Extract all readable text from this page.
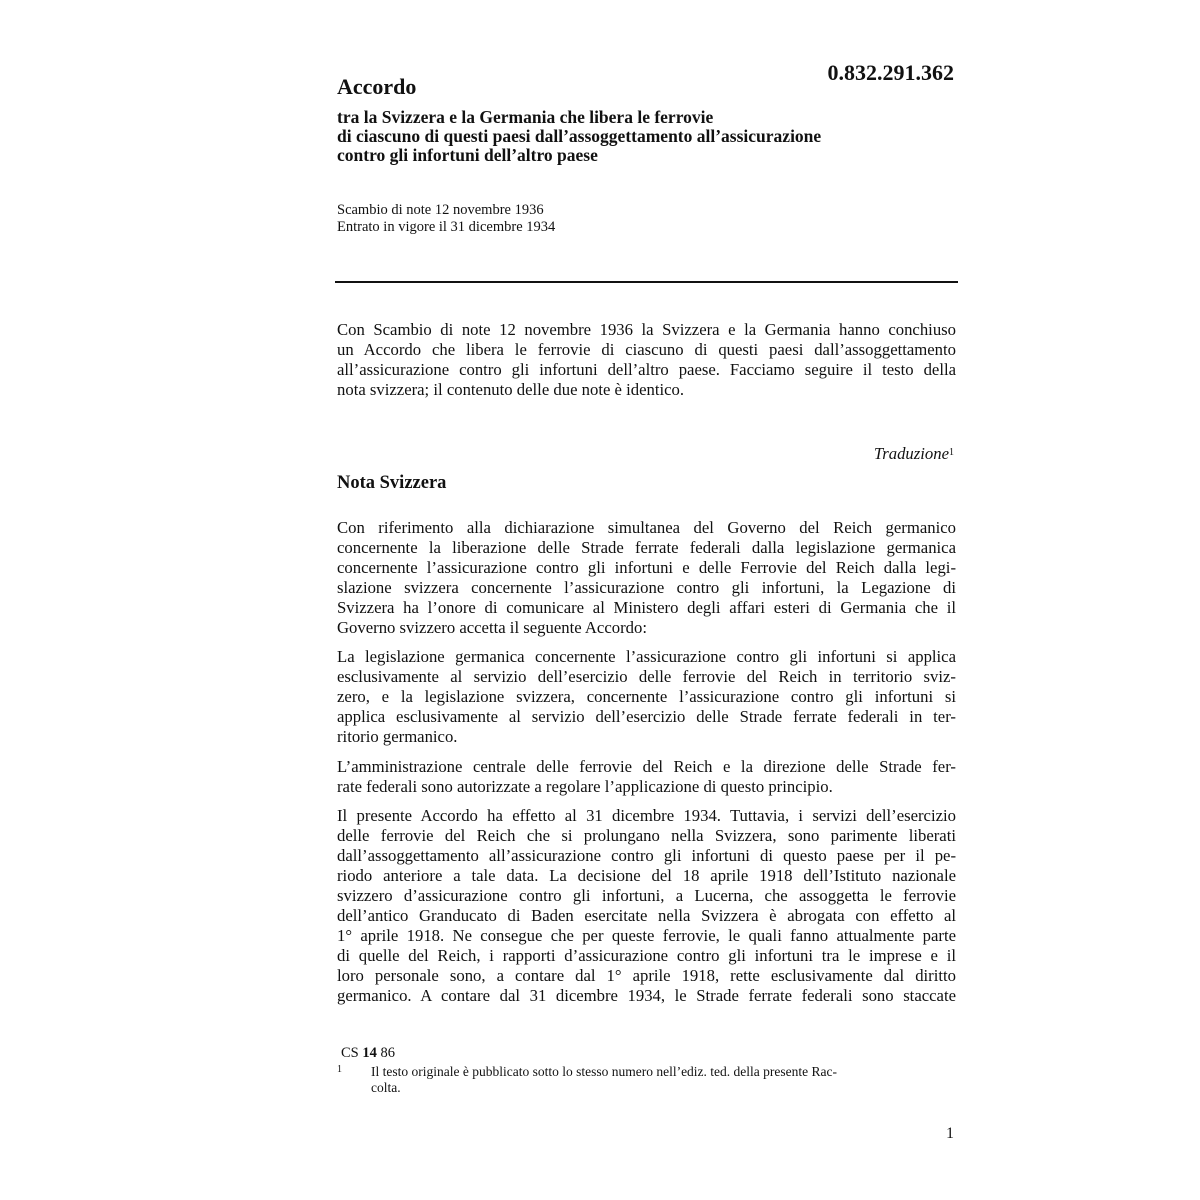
0.832.291.362
Accordo
tra la Svizzera e la Germania che libera le ferrovie
di ciascuno di questi paesi dall’assoggettamento all’assicurazione
contro gli infortuni dell’altro paese
Scambio di note 12 novembre 1936
Entrato in vigore il 31 dicembre 1934
Con Scambio di note 12 novembre 1936 la Svizzera e la Germania hanno conchiuso
un Accordo che libera le ferrovie di ciascuno di questi paesi dall’assoggettamento
all’assicurazione contro gli infortuni dell’altro paese. Facciamo seguire il testo della
nota svizzera; il contenuto delle due note è identico.
Traduzione$^1$
Nota Svizzera
Con riferimento alla dichiarazione simultanea del Governo del Reich germanico
concernente la liberazione delle Strade ferrate federali dalla legislazione germanica
concernente l’assicurazione contro gli infortuni e delle Ferrovie del Reich dalla legi-
slazione svizzera concernente l’assicurazione contro gli infortuni, la Legazione di
Svizzera ha l’onore di comunicare al Ministero degli affari esteri di Germania che il
Governo svizzero accetta il seguente Accordo:
La legislazione germanica concernente l’assicurazione contro gli infortuni si applica
esclusivamente al servizio dell’esercizio delle ferrovie del Reich in territorio sviz-
zero, e la legislazione svizzera, concernente l’assicurazione contro gli infortuni si
applica esclusivamente al servizio dell’esercizio delle Strade ferrate federali in ter-
ritorio germanico.
L’amministrazione centrale delle ferrovie del Reich e la direzione delle Strade fer-
rate federali sono autorizzate a regolare l’applicazione di questo principio.
Il presente Accordo ha effetto al 31 dicembre 1934. Tuttavia, i servizi dell’esercizio
delle ferrovie del Reich che si prolungano nella Svizzera, sono parimente liberati
dall’assoggettamento all’assicurazione contro gli infortuni di questo paese per il pe-
riodo anteriore a tale data. La decisione del 18 aprile 1918 dell’Istituto nazionale
svizzero d’assicurazione contro gli infortuni, a Lucerna, che assoggetta le ferrovie
dell’antico Granducato di Baden esercitate nella Svizzera è abrogata con effetto al
1° aprile 1918. Ne consegue che per queste ferrovie, le quali fanno attualmente parte
di quelle del Reich, i rapporti d’assicurazione contro gli infortuni tra le imprese e il
loro personale sono, a contare dal 1° aprile 1918, rette esclusivamente dal diritto
germanico. A contare dal 31 dicembre 1934, le Strade ferrate federali sono staccate
CS 14 86
1 Il testo originale è pubblicato sotto lo stesso numero nell’ediz. ted. della presente Rac-
colta.
1
